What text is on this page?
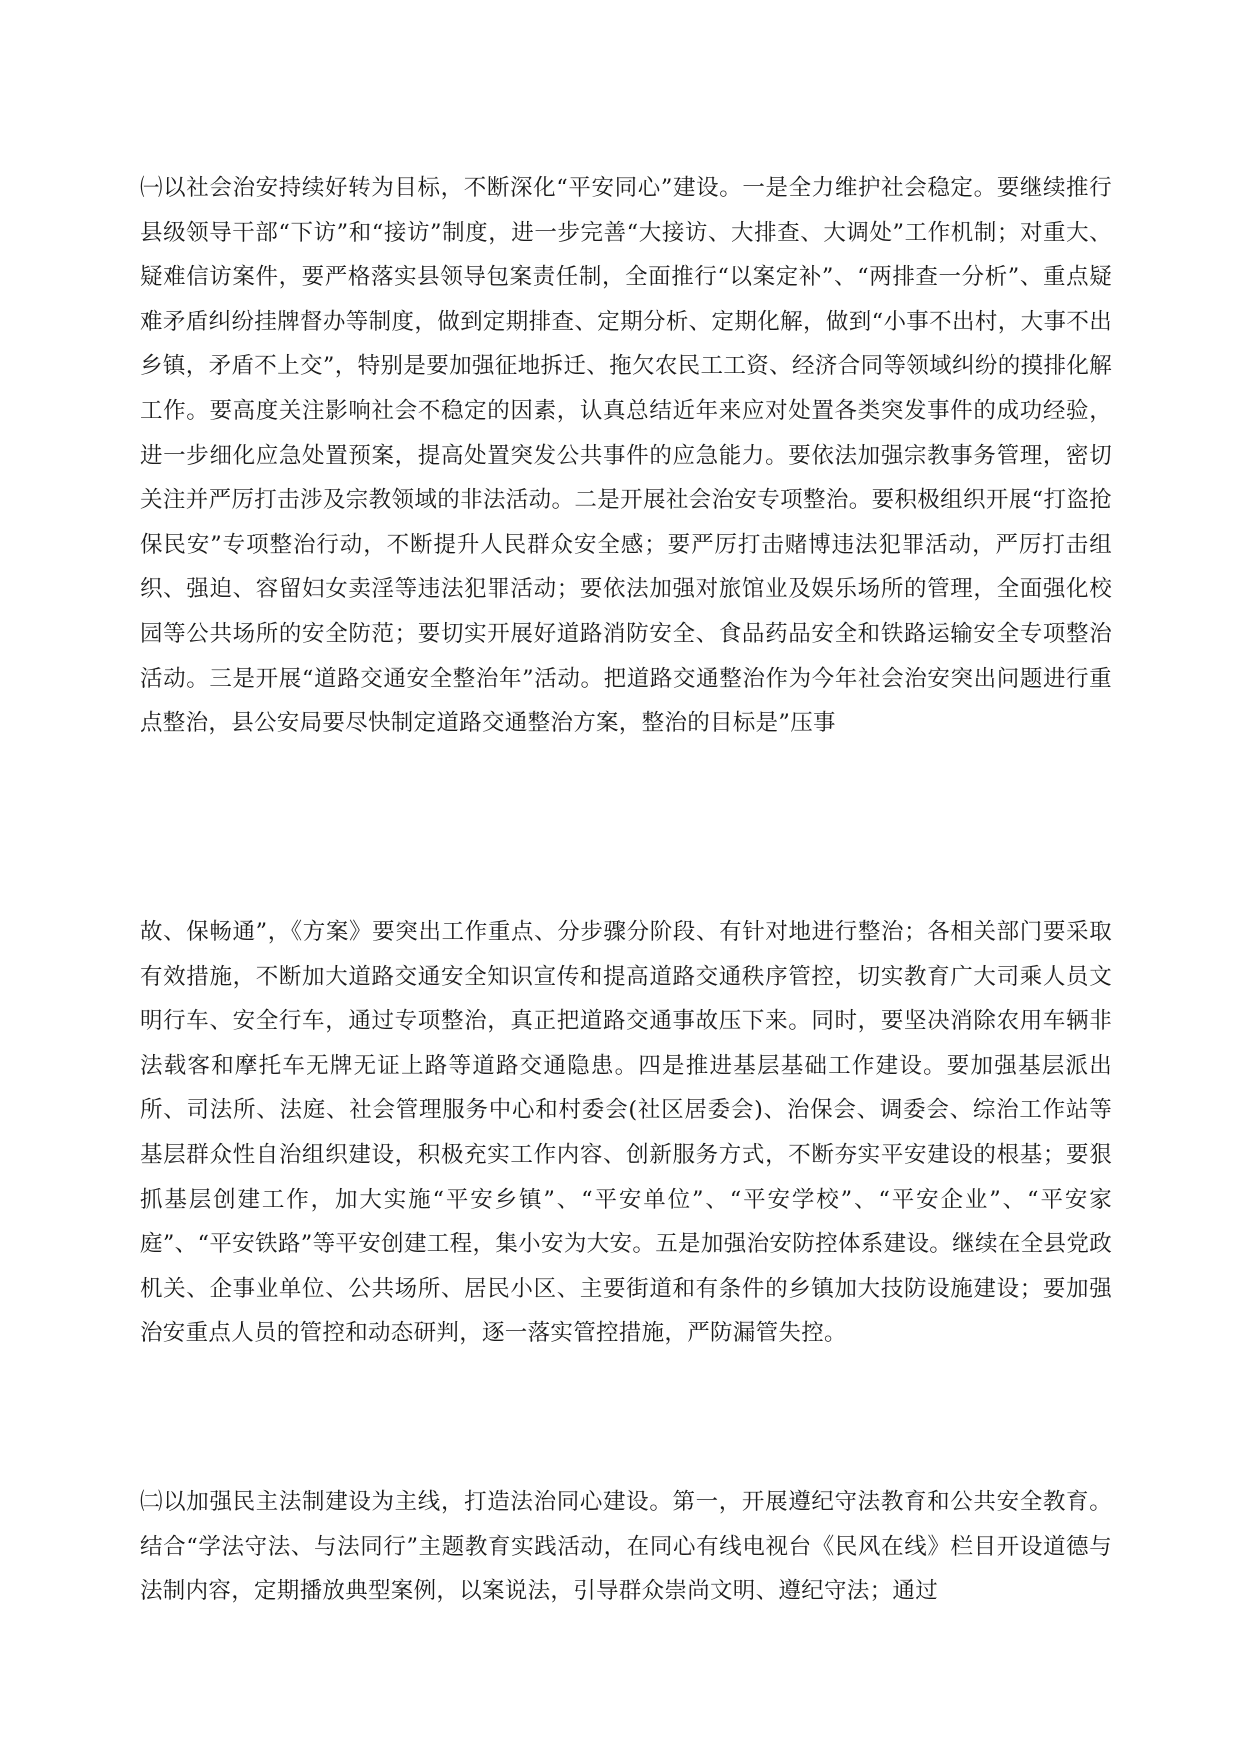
㈠以社会治安持续好转为目标，不断深化“平安同心”建设。一是全力维护社会稳定。要继续推行县级领导干部“下访”和“接访”制度，进一步完善“大接访、大排查、大调处”工作机制；对重大、疑难信访案件，要严格落实县领导包案责任制，全面推行“以案定补”、“两排查一分析”、重点疑难矛盾纠纷挂牌督办等制度，做到定期排查、定期分析、定期化解，做到“小事不出村，大事不出乡镇，矛盾不上交”，特别是要加强征地拆迁、拖欠农民工工资、经济合同等领域纠纷的摸排化解工作。要高度关注影响社会不稳定的因素，认真总结近年来应对处置各类突发事件的成功经验，进一步细化应急处置预案，提高处置突发公共事件的应急能力。要依法加强宗教事务管理，密切关注并严厉打击涉及宗教领域的非法活动。二是开展社会治安专项整治。要积极组织开展“打盗抢保民安”专项整治行动，不断提升人民群众安全感；要严厉打击赌博违法犯罪活动，严厉打击组织、强迫、容留妇女卖淫等违法犯罪活动；要依法加强对旅馆业及娱乐场所的管理，全面强化校园等公共场所的安全防范；要切实开展好道路消防安全、食品药品安全和铁路运输安全专项整治活动。三是开展“道路交通安全整治年”活动。把道路交通整治作为今年社会治安突出问题进行重点整治，县公安局要尽快制定道路交通整治方案，整治的目标是”压事

故、保畅通”，《方案》要突出工作重点、分步骤分阶段、有针对地进行整治；各相关部门要采取有效措施，不断加大道路交通安全知识宣传和提高道路交通秩序管控，切实教育广大司乘人员文明行车、安全行车，通过专项整治，真正把道路交通事故压下来。同时，要坚决消除农用车辆非法载客和摩托车无牌无证上路等道路交通隐患。四是推进基层基础工作建设。要加强基层派出所、司法所、法庭、社会管理服务中心和村委会(社区居委会)、治保会、调委会、综治工作站等基层群众性自治组织建设，积极充实工作内容、创新服务方式，不断夯实平安建设的根基；要狠抓基层创建工作，加大实施“平安乡镇”、“平安单位”、“平安学校”、“平安企业”、“平安家庭”、“平安铁路”等平安创建工程，集小安为大安。五是加强治安防控体系建设。继续在全县党政机关、企事业单位、公共场所、居民小区、主要街道和有条件的乡镇加大技防设施建设；要加强治安重点人员的管控和动态研判，逐一落实管控措施，严防漏管失控。

㈡以加强民主法制建设为主线，打造法治同心建设。第一，开展遵纪守法教育和公共安全教育。结合“学法守法、与法同行”主题教育实践活动，在同心有线电视台《民风在线》栏目开设道德与法制内容，定期播放典型案例，以案说法，引导群众崇尚文明、遵纪守法；通过
